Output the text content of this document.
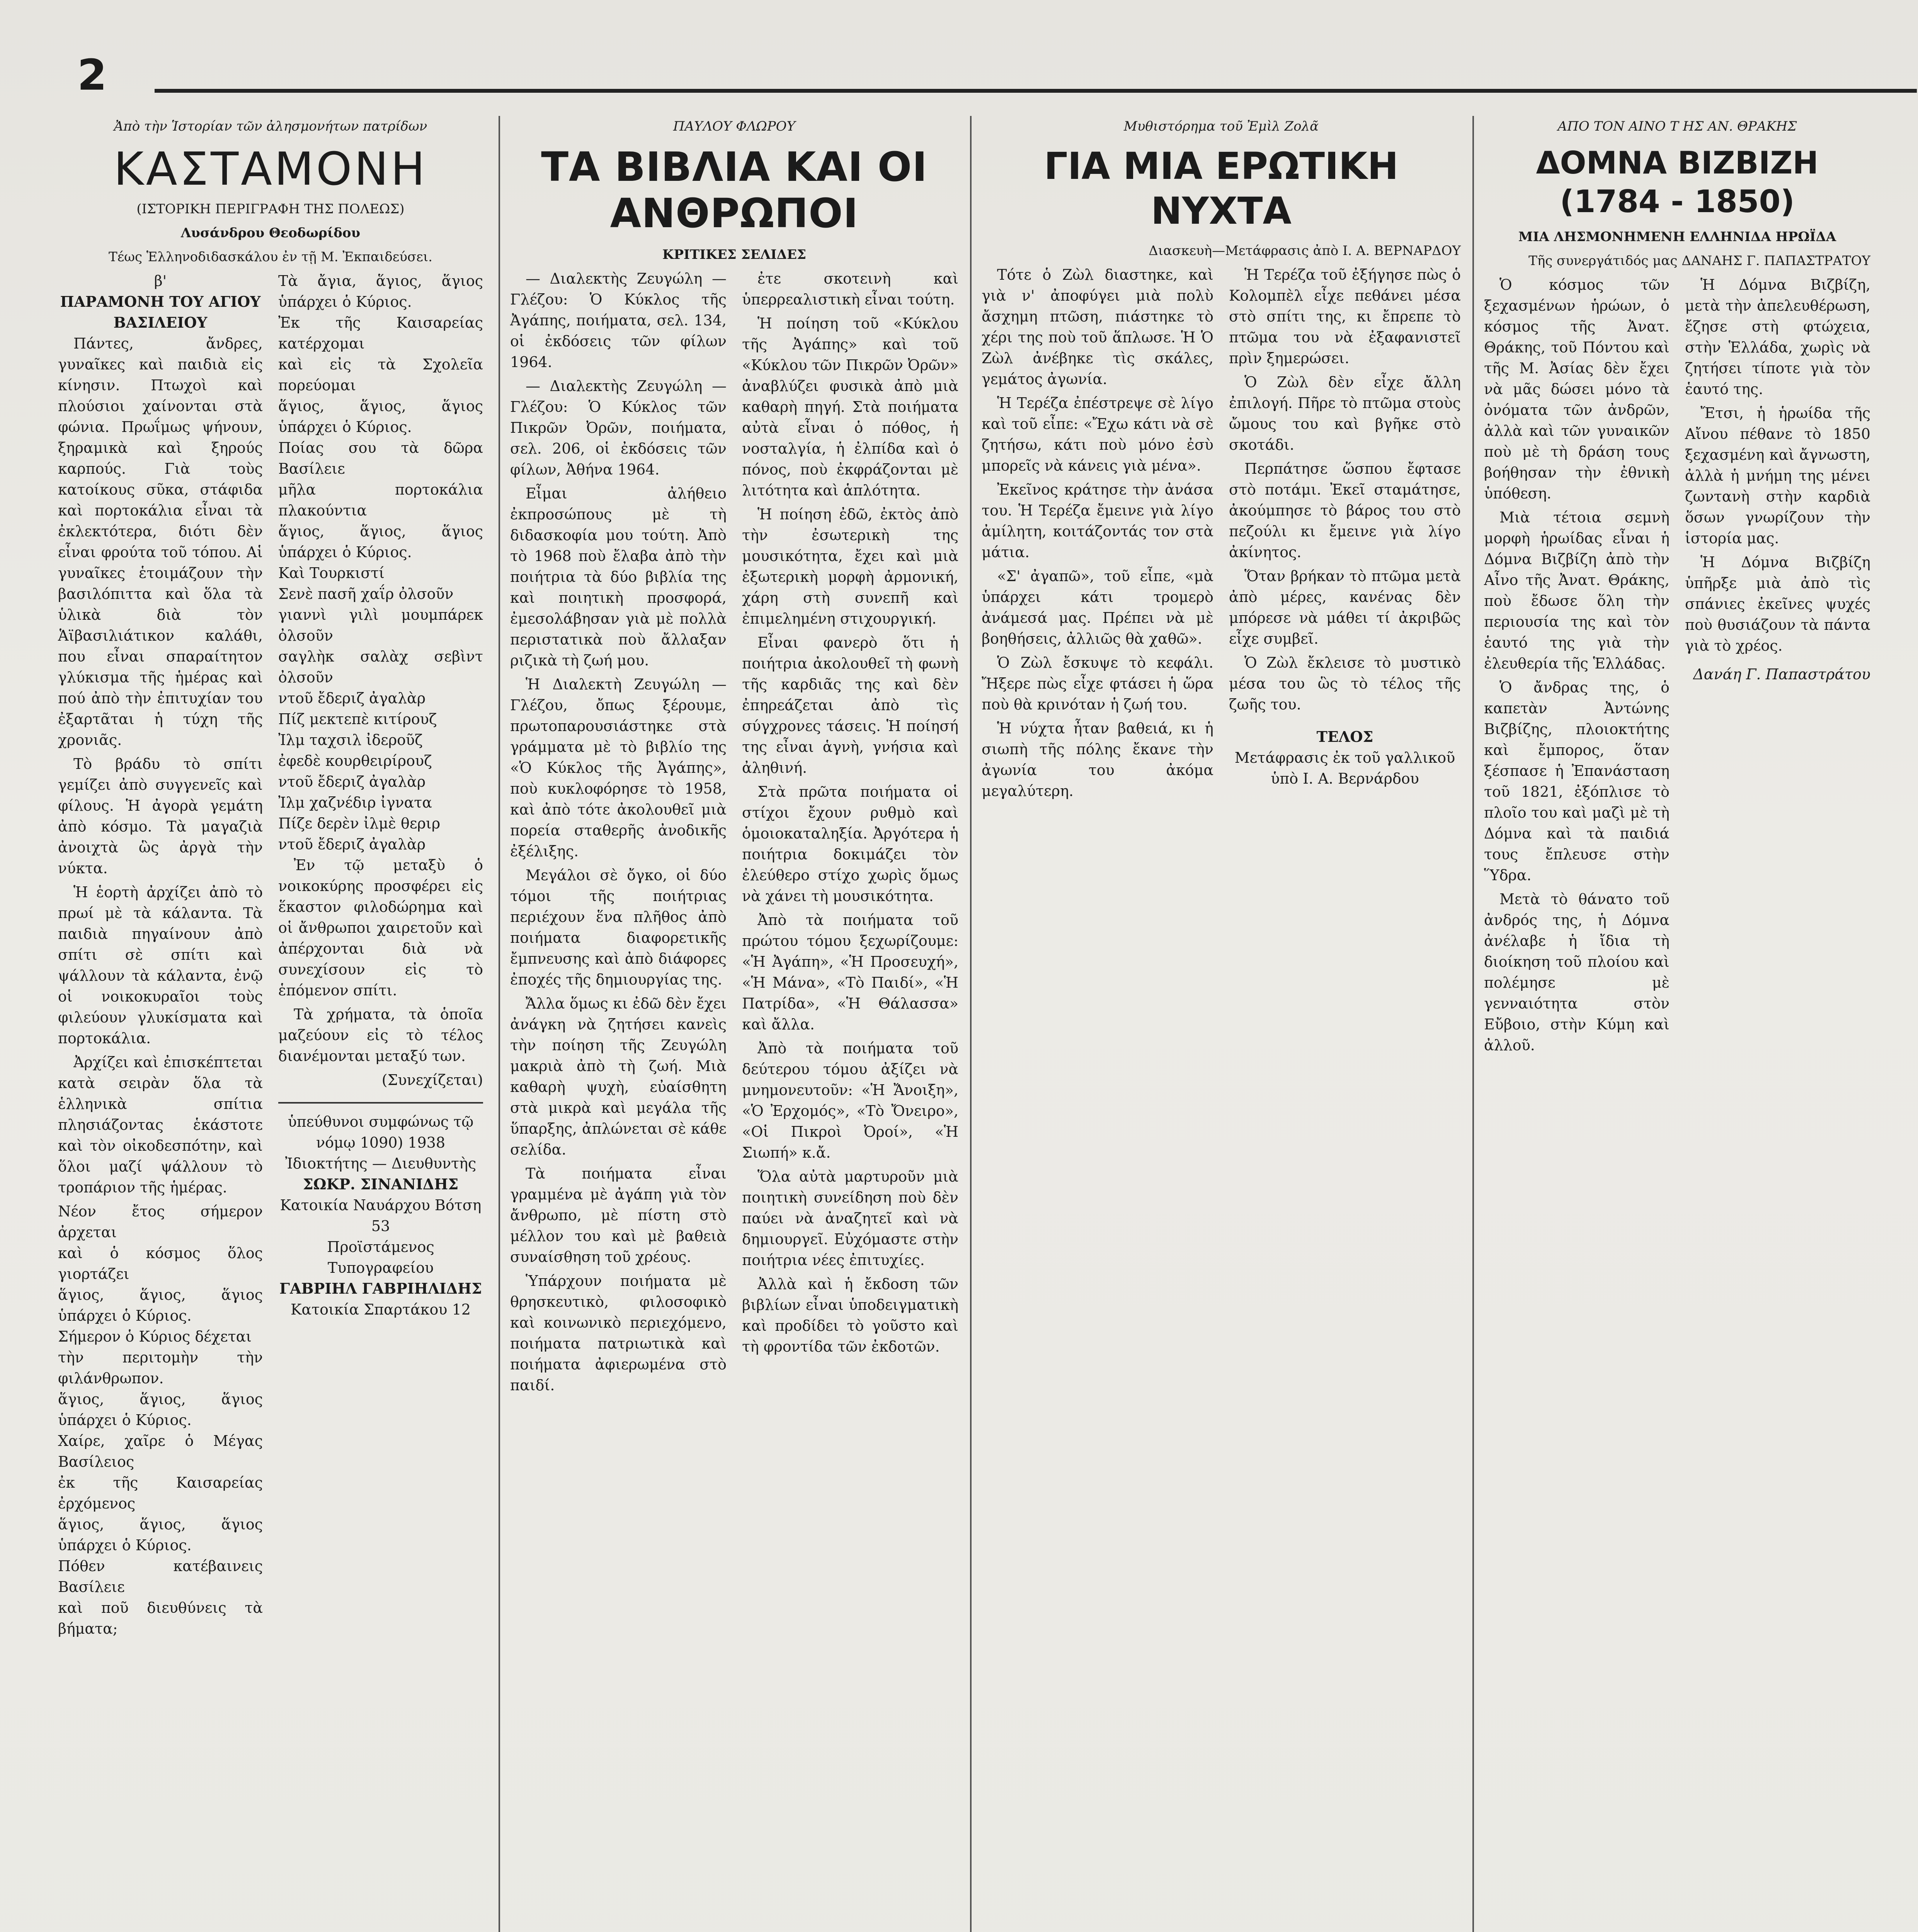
2
Ἀπὸ τὴν Ἱστορίαν τῶν ἀλησμονήτων πατρίδων
ΚΑΣΤΑΜΟΝΗ
(ΙΣΤΟΡΙΚΗ ΠΕΡΙΓΡΑΦΗ ΤΗΣ ΠΟΛΕΩΣ)
Λυσάνδρου Θεοδωρίδου
Τέως Ἑλληνοδιδασκάλου ἐν τῇ Μ. Ἐκπαιδεύσει.
β'
ΠΑΡΑΜΟΝΗ ΤΟΥ ΑΓΙΟΥ ΒΑΣΙΛΕΙΟΥ

Πάντες, ἄνδρες, γυναῖκες καὶ παιδιὰ εἰς κίνησιν. Πτωχοὶ καὶ πλούσιοι χαίνονται στὰ φώνια. Πρωΐμως ψήνουν, ξηραμικὰ καὶ ξηρούς καρπούς. Γιὰ τοὺς κατοίκους σῦκα, στάφιδα καὶ πορτοκάλια εἶναι τὰ ἐκλεκτότερα, διότι δὲν εἶναι φρούτα τοῦ τόπου. Αἱ γυναῖκες ἑτοιμάζουν τὴν βασιλόπιττα καὶ ὅλα τὰ ὑλικὰ διὰ τὸν Ἁϊβασιλιάτικον καλάθι, που εἶναι σπαραίτητον γλύκισμα τῆς ἡμέρας καὶ πού ἀπὸ τὴν ἐπιτυχίαν του ἐξαρτᾶται ἡ τύχη τῆς χρονιᾶς.

Τὸ βράδυ τὸ σπίτι γεμίζει ἀπὸ συγγενεῖς καὶ φίλους. Ἡ ἀγορὰ γεμάτη ἀπὸ κόσμο. Τὰ μαγαζιὰ ἀνοιχτὰ ὣς ἀργὰ τὴν νύκτα.

Ἡ ἑορτὴ ἀρχίζει ἀπὸ τὸ πρωί μὲ τὰ κάλαντα. Τὰ παιδιὰ πηγαίνουν ἀπὸ σπίτι σὲ σπίτι καὶ ψάλλουν τὰ κάλαντα, ἐνῷ οἱ νοικοκυραῖοι τοὺς φιλεύουν γλυκίσματα καὶ πορτοκάλια.

Ἀρχίζει καὶ ἐπισκέπτεται κατὰ σειρὰν ὅλα τὰ ἑλληνικὰ σπίτια πλησιάζοντας ἑκάστοτε καὶ τὸν οἰκοδεσπότην, καὶ ὅλοι μαζί ψάλλουν τὸ τροπάριον τῆς ἡμέρας.

Νέον ἔτος σήμερον ἀρχεται
καὶ ὁ κόσμος ὅλος γιορτάζει
ἅγιος, ἅγιος, ἅγιος ὑπάρχει ὁ Κύριος.
Σήμερον ὁ Κύριος δέχεται
τὴν περιτομὴν τὴν φιλάνθρωπον.
ἅγιος, ἅγιος, ἅγιος ὑπάρχει ὁ Κύριος.
Χαίρε, χαῖρε ὁ Μέγας Βασίλειος
ἐκ τῆς Καισαρείας ἐρχόμενος
ἅγιος, ἅγιος, ἅγιος ὑπάρχει ὁ Κύριος.
Πόθεν κατέβαινεις Βασίλειε
καὶ ποῦ διευθύνεις τὰ βήματα;
Τὰ ἄγια, ἅγιος, ἅγιος ὑπάρχει ὁ Κύριος.
Ἐκ τῆς Καισαρείας κατέρχομαι
καὶ εἰς τὰ Σχολεῖα πορεύομαι
ἅγιος, ἅγιος, ἅγιος ὑπάρχει ὁ Κύριος.
Ποίας σου τὰ δῶρα Βασίλειε
μῆλα πορτοκάλια πλακούντια
ἅγιος, ἅγιος, ἅγιος ὑπάρχει ὁ Κύριος.
Καὶ Τουρκιστί
Σενὲ πασῆ χαΐρ ὀλσοῦν
γιαννὶ γιλὶ μουμπάρεκ ὀλσοῦν
σαγλὴκ σαλὰχ σεβὶντ ὀλσοῦν
ντοῦ ἔδεριζ ἀγαλὰρ
Πίζ μεκτεπὲ κιτίρουζ
Ἰλμ ταχσιλ ἰδεροῦζ
ἐφεδὲ κουρθειρίρουζ
ντοῦ ἔδεριζ ἀγαλὰρ
Ἰλμ χαζνέδιρ ἰγνατα
Πίζε δερὲν ἰλμὲ θεριρ
ντοῦ ἔδεριζ ἀγαλὰρ

Ἐν τῷ μεταξὺ ὁ νοικοκύρης προσφέρει εἰς ἕκαστον φιλοδώρημα καὶ οἱ ἄνθρωποι χαιρετοῦν καὶ ἀπέρχονται διὰ νὰ συνεχίσουν εἰς τὸ ἑπόμενον σπίτι.

Τὰ χρήματα, τὰ ὁποῖα μαζεύουν εἰς τὸ τέλος διανέμονται μεταξύ των.

(Συνεχίζεται)
ὑπεύθυνοι συμφώνως τῷ νόμῳ 1090) 1938
Ἰδιοκτήτης — Διευθυντὴς
ΣΩΚΡ. ΣΙΝΑΝΙΔΗΣ
Κατοικία Ναυάρχου Βότση 53
Προϊστάμενος Τυπογραφείου
ΓΑΒΡΙΗΛ ΓΑΒΡΙΗΛΙΔΗΣ
Κατοικία Σπαρτάκου 12
ΠΑΥΛΟΥ ΦΛΩΡΟΥ
ΤΑ ΒΙΒΛΙΑ ΚΑΙ ΟΙ ΑΝΘΡΩΠΟΙ
ΚΡΙΤΙΚΕΣ ΣΕΛΙΔΕΣ

— Διαλεκτὴς Ζευγώλη — Γλέζου: Ὁ Κύκλος τῆς Ἀγάπης, ποιήματα, σελ. 134, οἱ ἐκδόσεις τῶν φίλων 1964.

— Διαλεκτὴς Ζευγώλη — Γλέζου: Ὁ Κύκλος τῶν Πικρῶν Ὀρῶν, ποιήματα, σελ. 206, οἱ ἐκδόσεις τῶν φίλων, Ἀθήνα 1964.

Εἶμαι ἀλήθειο ἐκπροσώπους μὲ τὴ διδασκοφία μου τούτη. Ἀπὸ τὸ 1968 ποὺ ἔλαβα ἀπὸ τὴν ποιήτρια τὰ δύο βιβλία της καὶ ποιητικὴ προσφορά, ἐμεσολάβησαν γιὰ μὲ πολλὰ περιστατικὰ ποὺ ἄλλαξαν ριζικὰ τὴ ζωή μου.

Ἡ Διαλεκτὴ Ζευγώλη — Γλέζου, ὄπως ξέρουμε, πρωτοπαρουσιάστηκε στὰ γράμματα μὲ τὸ βιβλίο της «Ὁ Κύκλος τῆς Ἀγάπης», ποὺ κυκλοφόρησε τὸ 1958, καὶ ἀπὸ τότε ἀκολουθεῖ μιὰ πορεία σταθερῆς ἀνοδικῆς ἐξέλιξης.

Μεγάλοι σὲ ὄγκο, οἱ δύο τόμοι τῆς ποιήτριας περιέχουν ἕνα πλῆθος ἀπὸ ποιήματα διαφορετικῆς ἔμπνευσης καὶ ἀπὸ διάφορες ἐποχές τῆς δημιουργίας της.

Ἄλλα ὅμως κι ἐδῶ δὲν ἔχει ἀνάγκη νὰ ζητήσει κανεὶς τὴν ποίηση τῆς Ζευγώλη μακριὰ ἀπὸ τὴ ζωή. Μιὰ καθαρὴ ψυχὴ, εὐαίσθητη στὰ μικρὰ καὶ μεγάλα τῆς ὕπαρξης, ἀπλώνεται σὲ κάθε σελίδα.

Τὰ ποιήματα εἶναι γραμμένα μὲ ἀγάπη γιὰ τὸν ἄνθρωπο, μὲ πίστη στὸ μέλλον του καὶ μὲ βαθειὰ συναίσθηση τοῦ χρέους.

Ὑπάρχουν ποιήματα μὲ θρησκευτικὸ, φιλοσοφικὸ καὶ κοινωνικὸ περιεχόμενο, ποιήματα πατριωτικὰ καὶ ποιήματα ἀφιερωμένα στὸ παιδί.

ἐτε σκοτεινὴ καὶ ὑπερρεαλιστικὴ εἶναι τούτη.

Ἡ ποίηση τοῦ «Κύκλου τῆς Ἀγάπης» καὶ τοῦ «Κύκλου τῶν Πικρῶν Ὀρῶν» ἀναβλύζει φυσικὰ ἀπὸ μιὰ καθαρὴ πηγή. Στὰ ποιήματα αὐτὰ εἶναι ὁ πόθος, ἡ νοσταλγία, ἡ ἐλπίδα καὶ ὁ πόνος, ποὺ ἐκφράζονται μὲ λιτότητα καὶ ἁπλότητα.

Ἡ ποίηση ἐδῶ, ἐκτὸς ἀπὸ τὴν ἐσωτερικὴ της μουσικότητα, ἔχει καὶ μιὰ ἐξωτερικὴ μορφὴ ἀρμονική, χάρη στὴ συνεπῆ καὶ ἐπιμελημένη στιχουργική.

Εἶναι φανερὸ ὅτι ἡ ποιήτρια ἀκολουθεῖ τὴ φωνὴ τῆς καρδιᾶς της καὶ δὲν ἐπηρεάζεται ἀπὸ τὶς σύγχρονες τάσεις. Ἡ ποίησή της εἶναι ἁγνὴ, γνήσια καὶ ἀληθινή.

Στὰ πρῶτα ποιήματα οἱ στίχοι ἔχουν ρυθμὸ καὶ ὁμοιοκαταληξία. Ἀργότερα ἡ ποιήτρια δοκιμάζει τὸν ἐλεύθερο στίχο χωρὶς ὅμως νὰ χάνει τὴ μουσικότητα.

Ἀπὸ τὰ ποιήματα τοῦ πρώτου τόμου ξεχωρίζουμε: «Ἡ Ἀγάπη», «Ἡ Προσευχή», «Ἡ Μάνα», «Τὸ Παιδί», «Ἡ Πατρίδα», «Ἡ Θάλασσα» καὶ ἄλλα.

Ἀπὸ τὰ ποιήματα τοῦ δεύτερου τόμου ἀξίζει νὰ μνημονευτοῦν: «Ἡ Ἄνοιξη», «Ὁ Ἐρχομός», «Τὸ Ὄνειρο», «Οἱ Πικροὶ Ὀροί», «Ἡ Σιωπή» κ.ἄ.

Ὅλα αὐτὰ μαρτυροῦν μιὰ ποιητικὴ συνείδηση ποὺ δὲν παύει νὰ ἀναζητεῖ καὶ νὰ δημιουργεῖ. Εὐχόμαστε στὴν ποιήτρια νέες ἐπιτυχίες.

Ἀλλὰ καὶ ἡ ἔκδοση τῶν βιβλίων εἶναι ὑποδειγματικὴ καὶ προδίδει τὸ γοῦστο καὶ τὴ φροντίδα τῶν ἐκδοτῶν.

Μυθιστόρημα τοῦ Ἐμὶλ Ζολᾶ
ΓΙΑ ΜΙΑ ΕΡΩΤΙΚΗ ΝΥΧΤΑ
Διασκευὴ—Μετάφρασις ἀπὸ Ι. Α. ΒΕΡΝΑΡΔΟΥ

Τότε ὁ Ζὼλ διαστηκε, καὶ γιὰ ν' ἀποφύγει μιὰ πολὺ ἄσχημη πτῶση, πιάστηκε τὸ χέρι της ποὺ τοῦ ἅπλωσε. Ἡ Ὁ Ζὼλ ἀνέβηκε τὶς σκάλες, γεμάτος ἀγωνία.

Ἡ Τερέζα ἐπέστρεψε σὲ λίγο καὶ τοῦ εἶπε: «Ἔχω κάτι νὰ σὲ ζητήσω, κάτι ποὺ μόνο ἐσὺ μπορεῖς νὰ κάνεις γιὰ μένα».

Ἐκεῖνος κράτησε τὴν ἀνάσα του. Ἡ Τερέζα ἔμεινε γιὰ λίγο ἀμίλητη, κοιτάζοντάς τον στὰ μάτια.

«Σ' ἀγαπῶ», τοῦ εἶπε, «μὰ ὑπάρχει κάτι τρομερὸ ἀνάμεσά μας. Πρέπει νὰ μὲ βοηθήσεις, ἀλλιῶς θὰ χαθῶ».

Ὁ Ζὼλ ἔσκυψε τὸ κεφάλι. Ἤξερε πὼς εἶχε φτάσει ἡ ὥρα ποὺ θὰ κρινόταν ἡ ζωή του.

Ἡ νύχτα ἦταν βαθειά, κι ἡ σιωπὴ τῆς πόλης ἔκανε τὴν ἀγωνία του ἀκόμα μεγαλύτερη.

Ἡ Τερέζα τοῦ ἐξήγησε πὼς ὁ Κολομπὲλ εἶχε πεθάνει μέσα στὸ σπίτι της, κι ἔπρεπε τὸ πτῶμα του νὰ ἐξαφανιστεῖ πρὶν ξημερώσει.

Ὁ Ζὼλ δὲν εἶχε ἄλλη ἐπιλογή. Πῆρε τὸ πτῶμα στοὺς ὤμους του καὶ βγῆκε στὸ σκοτάδι.

Περπάτησε ὥσπου ἔφτασε στὸ ποτάμι. Ἐκεῖ σταμάτησε, ἀκούμπησε τὸ βάρος του στὸ πεζούλι κι ἔμεινε γιὰ λίγο ἀκίνητος.

Ὅταν βρήκαν τὸ πτῶμα μετὰ ἀπὸ μέρες, κανένας δὲν μπόρεσε νὰ μάθει τί ἀκριβῶς εἶχε συμβεῖ.

Ὁ Ζὼλ ἔκλεισε τὸ μυστικὸ μέσα του ὣς τὸ τέλος τῆς ζωῆς του.

ΤΕΛΟΣ
Μετάφρασις ἐκ τοῦ γαλλικοῦ ὑπὸ Ι. Α. Βερνάρδου
ΑΠΟ ΤΟΝ ΑΙΝΟ Τ ΗΣ ΑΝ. ΘΡΑΚΗΣ
ΔΟΜΝΑ ΒΙΖΒΙΖΗ (1784 - 1850)
ΜΙΑ ΛΗΣΜΟΝΗΜΕΝΗ ΕΛΛΗΝΙΔΑ ΗΡΩΪΔΑ
Τῆς συνεργάτιδός μας ΔΑΝΑΗΣ Γ. ΠΑΠΑΣΤΡΑΤΟΥ

Ὁ κόσμος τῶν ξεχασμένων ἡρώων, ὁ κόσμος τῆς Ἀνατ. Θράκης, τοῦ Πόντου καὶ τῆς Μ. Ἀσίας δὲν ἔχει νὰ μᾶς δώσει μόνο τὰ ὀνόματα τῶν ἀνδρῶν, ἀλλὰ καὶ τῶν γυναικῶν ποὺ μὲ τὴ δράση τους βοήθησαν τὴν ἐθνικὴ ὑπόθεση.

Μιὰ τέτοια σεμνὴ μορφὴ ἡρωίδας εἶναι ἡ Δόμνα Βιζβίζη ἀπὸ τὴν Αἶνο τῆς Ἀνατ. Θράκης, ποὺ ἔδωσε ὅλη τὴν περιουσία της καὶ τὸν ἑαυτό της γιὰ τὴν ἐλευθερία τῆς Ἑλλάδας.

Ὁ ἄνδρας της, ὁ καπετὰν Ἀντώνης Βιζβίζης, πλοιοκτήτης καὶ ἔμπορος, ὅταν ξέσπασε ἡ Ἐπανάσταση τοῦ 1821, ἐξόπλισε τὸ πλοῖο του καὶ μαζὶ μὲ τὴ Δόμνα καὶ τὰ παιδιά τους ἔπλευσε στὴν Ὕδρα.

Μετὰ τὸ θάνατο τοῦ ἀνδρός της, ἡ Δόμνα ἀνέλαβε ἡ ἴδια τὴ διοίκηση τοῦ πλοίου καὶ πολέμησε μὲ γενναιότητα στὸν Εὔβοιο, στὴν Κύμη καὶ ἀλλοῦ.

Ἡ Δόμνα Βιζβίζη, μετὰ τὴν ἀπελευθέρωση, ἔζησε στὴ φτώχεια, στὴν Ἑλλάδα, χωρὶς νὰ ζητήσει τίποτε γιὰ τὸν ἑαυτό της.

Ἔτσι, ἡ ἡρωίδα τῆς Αἴνου πέθανε τὸ 1850 ξεχασμένη καὶ ἄγνωστη, ἀλλὰ ἡ μνήμη της μένει ζωντανὴ στὴν καρδιὰ ὅσων γνωρίζουν τὴν ἱστορία μας.

Ἡ Δόμνα Βιζβίζη ὑπῆρξε μιὰ ἀπὸ τὶς σπάνιες ἐκεῖνες ψυχές ποὺ θυσιάζουν τὰ πάντα γιὰ τὸ χρέος.

Δανάη Γ. Παπαστράτου
